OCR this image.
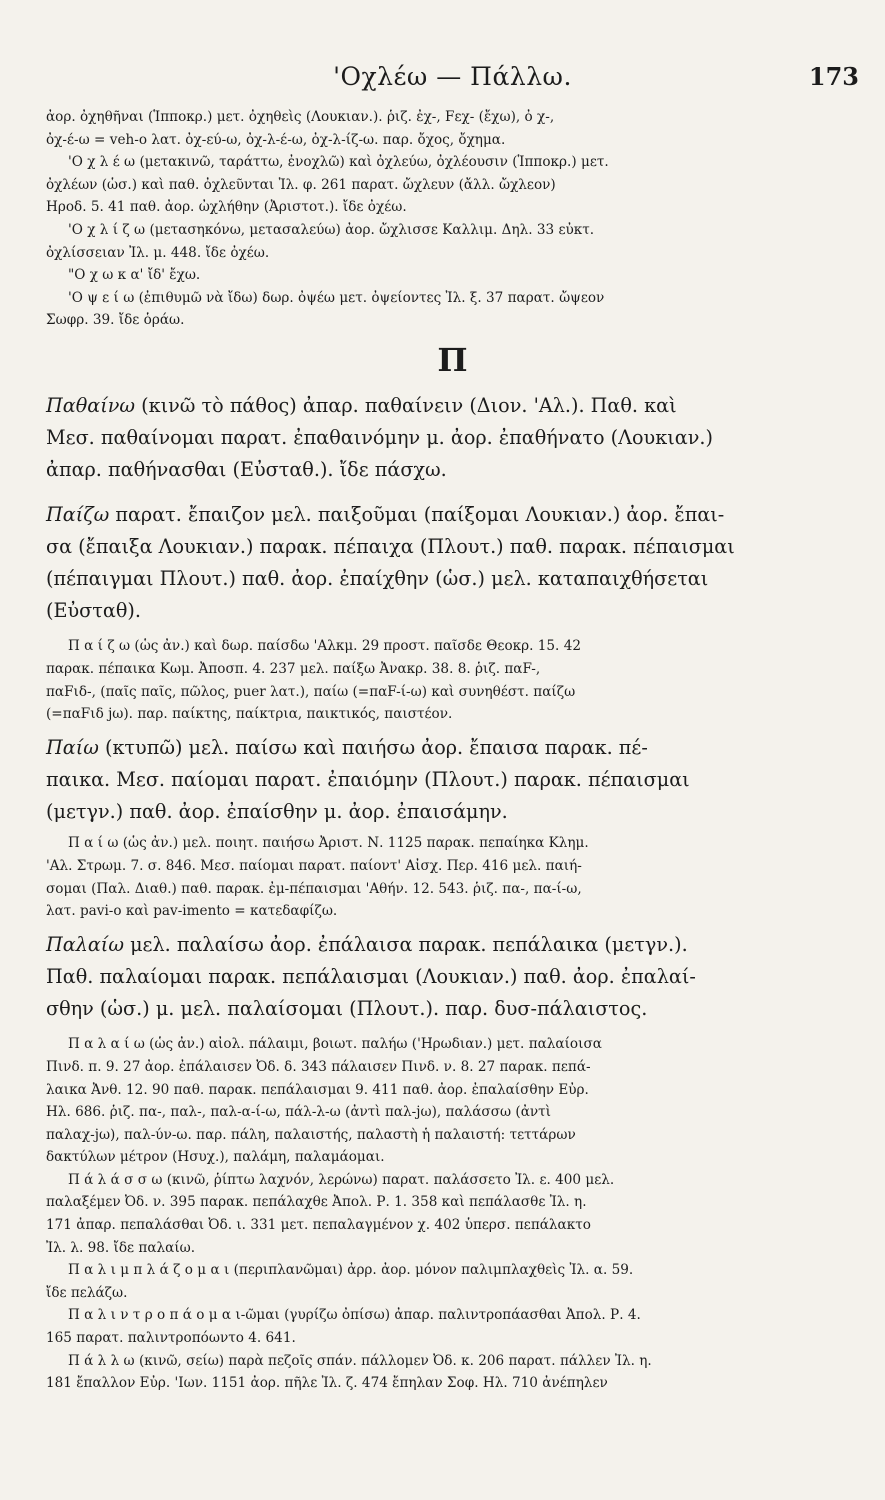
'Οχλέω — Πάλλω.	173

ἀορ. ὀχηθῆναι (Ἱπποκρ.) μετ. ὀχηθεὶς (Λουκιαν.). ῥιζ. ἐχ-, Fεχ- (ἔχω), ὀ χ-,
ὀχ-έ-ω = veh-o λατ. ὀχ-εύ-ω, ὀχ-λ-έ-ω, ὀχ-λ-ίζ-ω. παρ. ὄχος, ὄχημα.

'Ο χ λ έ ω (μετακινῶ, ταράττω, ἐνοχλῶ) καὶ ὀχλεύω, ὀχλέουσιν (Ἱπποκρ.) μετ.
ὀχλέων (ὡσ.) καὶ παθ. ὀχλεῦνται Ἰλ. φ. 261 παρατ. ὤχλευν (ἄλλ. ὤχλεον)
Ηροδ. 5. 41 παθ. ἀορ. ὠχλήθην (Ἀριστοτ.). ἴδε ὀχέω.

'Ο χ λ ί ζ ω (μετασηκόνω, μετασαλεύω) ἀορ. ὤχλισσε Καλλιμ. Δηλ. 33 εὐκτ.
ὀχλίσσειαν Ἰλ. μ. 448. ἴδε ὀχέω.

"Ο χ ω κ α' ἴδ' ἔχω.

'Ο ψ ε ί ω (ἐπιθυμῶ νὰ ἴδω) δωρ. ὀψέω μετ. ὀψείοντες Ἰλ. ξ. 37 παρατ. ὤψεον
Σωφρ. 39. ἴδε ὁράω.

Π

Παθαίνω (κινῶ τὸ πάθος) ἀπαρ. παθαίνειν (Διον. 'Αλ.). Παθ. καὶ
Μεσ. παθαίνομαι παρατ. ἐπαθαινόμην μ. ἀορ. ἐπαθήνατο (Λουκιαν.)
ἀπαρ. παθήνασθαι (Εὐσταθ.). ἴδε πάσχω.

Παίζω παρατ. ἔπαιζον μελ. παιξοῦμαι (παίξομαι Λουκιαν.) ἀορ. ἔπαι-
σα (ἔπαιξα Λουκιαν.) παρακ. πέπαιχα (Πλουτ.) παθ. παρακ. πέπαισμαι
(πέπαιγμαι Πλουτ.) παθ. ἀορ. ἐπαίχθην (ὡσ.) μελ. καταπαιχθήσεται
(Εὐσταθ).

Π α ί ζ ω (ὡς ἀν.) καὶ δωρ. παίσδω 'Αλκμ. 29 προστ. παῖσδε Θεοκρ. 15. 42
παρακ. πέπαικα Κωμ. Ἀποσπ. 4. 237 μελ. παίξω Ἀνακρ. 38. 8. ῥιζ. παF-,
παFιδ-, (παῖς παῖς, πῶλος, puer λατ.), παίω (=παF-ί-ω) καὶ συνηθέστ. παίζω
(=παFιδ jω). παρ. παίκτης, παίκτρια, παικτικός, παιστέον.

Παίω (κτυπῶ) μελ. παίσω καὶ παιήσω ἀορ. ἔπαισα παρακ. πέ-
παικα. Μεσ. παίομαι παρατ. ἐπαιόμην (Πλουτ.) παρακ. πέπαισμαι
(μετγν.) παθ. ἀορ. ἐπαίσθην μ. ἀορ. ἐπαισάμην.

Π α ί ω (ὡς ἀν.) μελ. ποιητ. παιήσω Ἀριστ. Ν. 1125 παρακ. πεπαίηκα Κλημ.
'Αλ. Στρωμ. 7. σ. 846. Μεσ. παίομαι παρατ. παίοντ' Αἰσχ. Περ. 416 μελ. παιή-
σομαι (Παλ. Διαθ.) παθ. παρακ. ἐμ-πέπαισμαι 'Αθήν. 12. 543. ῥιζ. πα-, πα-ί-ω,
λατ. pavi-o καὶ pav-imento = κατεδαφίζω.

Παλαίω μελ. παλαίσω ἀορ. ἐπάλαισα παρακ. πεπάλαικα (μετγν.).
Παθ. παλαίομαι παρακ. πεπάλαισμαι (Λουκιαν.) παθ. ἀορ. ἐπαλαί-
σθην (ὡσ.) μ. μελ. παλαίσομαι (Πλουτ.). παρ. δυσ-πάλαιστος.

Π α λ α ί ω (ὡς ἀν.) αἰολ. πάλαιμι, βοιωτ. παλήω ('Ηρωδιαν.) μετ. παλαίοισα
Πινδ. π. 9. 27 ἀορ. ἐπάλαισεν Ὀδ. δ. 343 πάλαισεν Πινδ. ν. 8. 27 παρακ. πεπά-
λαικα Ἀνθ. 12. 90 παθ. παρακ. πεπάλαισμαι 9. 411 παθ. ἀορ. ἐπαλαίσθην Εὐρ.
Ηλ. 686. ῥιζ. πα-, παλ-, παλ-α-ί-ω, πάλ-λ-ω (ἀντὶ παλ-jω), παλάσσω (ἀντὶ
παλαχ-jω), παλ-ύν-ω. παρ. πάλη, παλαιστής, παλαστὴ ἡ παλαιστή: τεττάρων
δακτύλων μέτρον (Ησυχ.), παλάμη, παλαμάομαι.

Π ά λ ά σ σ ω (κινῶ, ῥίπτω λαχνόν, λερώνω) παρατ. παλάσσετο Ἰλ. ε. 400 μελ.
παλαξέμεν Ὀδ. ν. 395 παρακ. πεπάλαχθε Ἀπολ. Ρ. 1. 358 καὶ πεπάλασθε Ἰλ. η.
171 ἀπαρ. πεπαλάσθαι Ὀδ. ι. 331 μετ. πεπαλαγμένον χ. 402 ὑπερσ. πεπάλακτο
Ἰλ. λ. 98. ἴδε παλαίω.

Π α λ ι μ π λ ά ζ ο μ α ι (περιπλανῶμαι) ἀρρ. ἀορ. μόνον παλιμπλαχθεὶς Ἰλ. α. 59.
ἴδε πελάζω.

Π α λ ι ν τ ρ ο π ά ο μ α ι-ῶμαι (γυρίζω ὀπίσω) ἀπαρ. παλιντροπάασθαι Ἀπολ. Ρ. 4.
165 παρατ. παλιντροπόωντο 4. 641.

Π ά λ λ ω (κινῶ, σείω) παρὰ πεζοῖς σπάν. πάλλομεν Ὀδ. κ. 206 παρατ. πάλλεν Ἰλ. η.
181 ἔπαλλον Εὐρ. 'Ιων. 1151 ἀορ. πῆλε Ἰλ. ζ. 474 ἔπηλαν Σοφ. Ηλ. 710 ἀνέπηλεν
